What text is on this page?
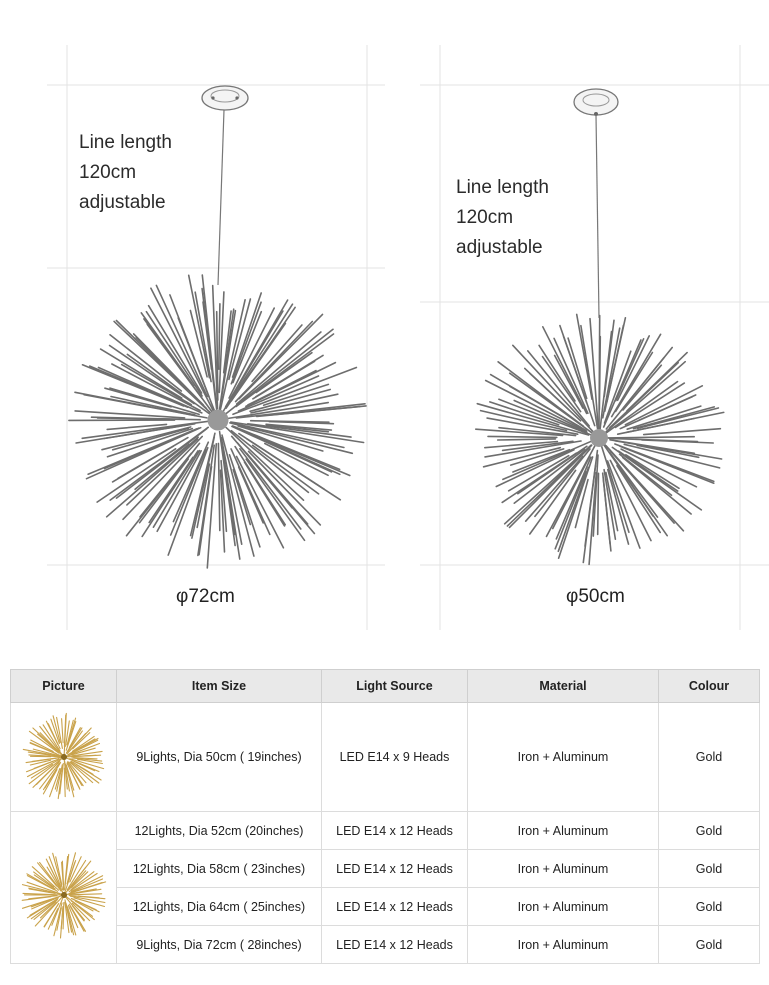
Line length
120cm
adjustable
φ72cm
Line length
120cm
adjustable
φ50cm
Picture	Item Size	Light Source	Material	Colour

	9Lights, Dia 50cm ( 19inches)	LED E14 x 9 Heads	Iron + Aluminum	Gold

	12Lights, Dia 52cm (20inches)	LED E14 x 12 Heads	Iron + Aluminum	Gold
	12Lights, Dia 58cm ( 23inches)	LED E14 x 12 Heads	Iron + Aluminum	Gold
	12Lights, Dia 64cm ( 25inches)	LED E14 x 12 Heads	Iron + Aluminum	Gold
	9Lights, Dia 72cm ( 28inches)	LED E14 x 12 Heads	Iron + Aluminum	Gold
